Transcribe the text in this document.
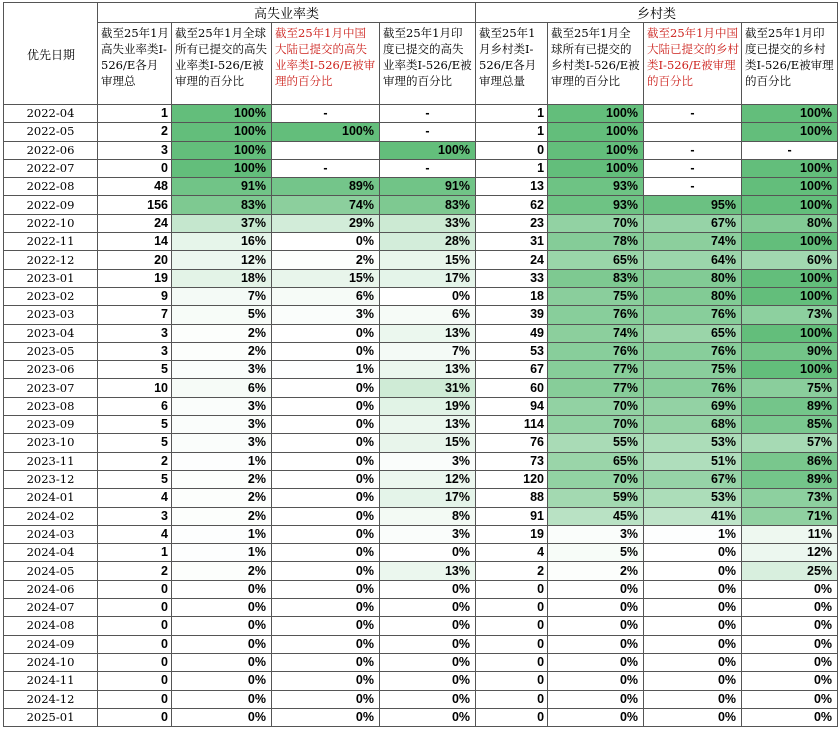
优先日期	高失业率类				乡村类			
	截至25年1月高失业率类I-526/E各月审理总	截至25年1月全球所有已提交的高失业率类I-526/E被审理的百分比	截至25年1月中国大陆已提交的高失业率类I-526/E被审理的百分比	截至25年1月印度已提交的高失业率类I-526/E被审理的百分比	截至25年1月乡村类I-526/E各月审理总量	截至25年1月全球所有已提交的乡村类I-526/E被审理的百分比	截至25年1月中国大陆已提交的乡村类I-526/E被审理的百分比	截至25年1月印度已提交的乡村类I-526/E被审理的百分比
2022-04	1	100%	-	-	1	100%	-	100%
2022-05	2	100%	100%	-	1	100%		100%
2022-06	3	100%		100%	0	100%	-	-
2022-07	0	100%	-	-	1	100%	-	100%
2022-08	48	91%	89%	91%	13	93%	-	100%
2022-09	156	83%	74%	83%	62	93%	95%	100%
2022-10	24	37%	29%	33%	23	70%	67%	80%
2022-11	14	16%	0%	28%	31	78%	74%	100%
2022-12	20	12%	2%	15%	24	65%	64%	60%
2023-01	19	18%	15%	17%	33	83%	80%	100%
2023-02	9	7%	6%	0%	18	75%	80%	100%
2023-03	7	5%	3%	6%	39	76%	76%	73%
2023-04	3	2%	0%	13%	49	74%	65%	100%
2023-05	3	2%	0%	7%	53	76%	76%	90%
2023-06	5	3%	1%	13%	67	77%	75%	100%
2023-07	10	6%	0%	31%	60	77%	76%	75%
2023-08	6	3%	0%	19%	94	70%	69%	89%
2023-09	5	3%	0%	13%	114	70%	68%	85%
2023-10	5	3%	0%	15%	76	55%	53%	57%
2023-11	2	1%	0%	3%	73	65%	51%	86%
2023-12	5	2%	0%	12%	120	70%	67%	89%
2024-01	4	2%	0%	17%	88	59%	53%	73%
2024-02	3	2%	0%	8%	91	45%	41%	71%
2024-03	4	1%	0%	3%	19	3%	1%	11%
2024-04	1	1%	0%	0%	4	5%	0%	12%
2024-05	2	2%	0%	13%	2	2%	0%	25%
2024-06	0	0%	0%	0%	0	0%	0%	0%
2024-07	0	0%	0%	0%	0	0%	0%	0%
2024-08	0	0%	0%	0%	0	0%	0%	0%
2024-09	0	0%	0%	0%	0	0%	0%	0%
2024-10	0	0%	0%	0%	0	0%	0%	0%
2024-11	0	0%	0%	0%	0	0%	0%	0%
2024-12	0	0%	0%	0%	0	0%	0%	0%
2025-01	0	0%	0%	0%	0	0%	0%	0%
